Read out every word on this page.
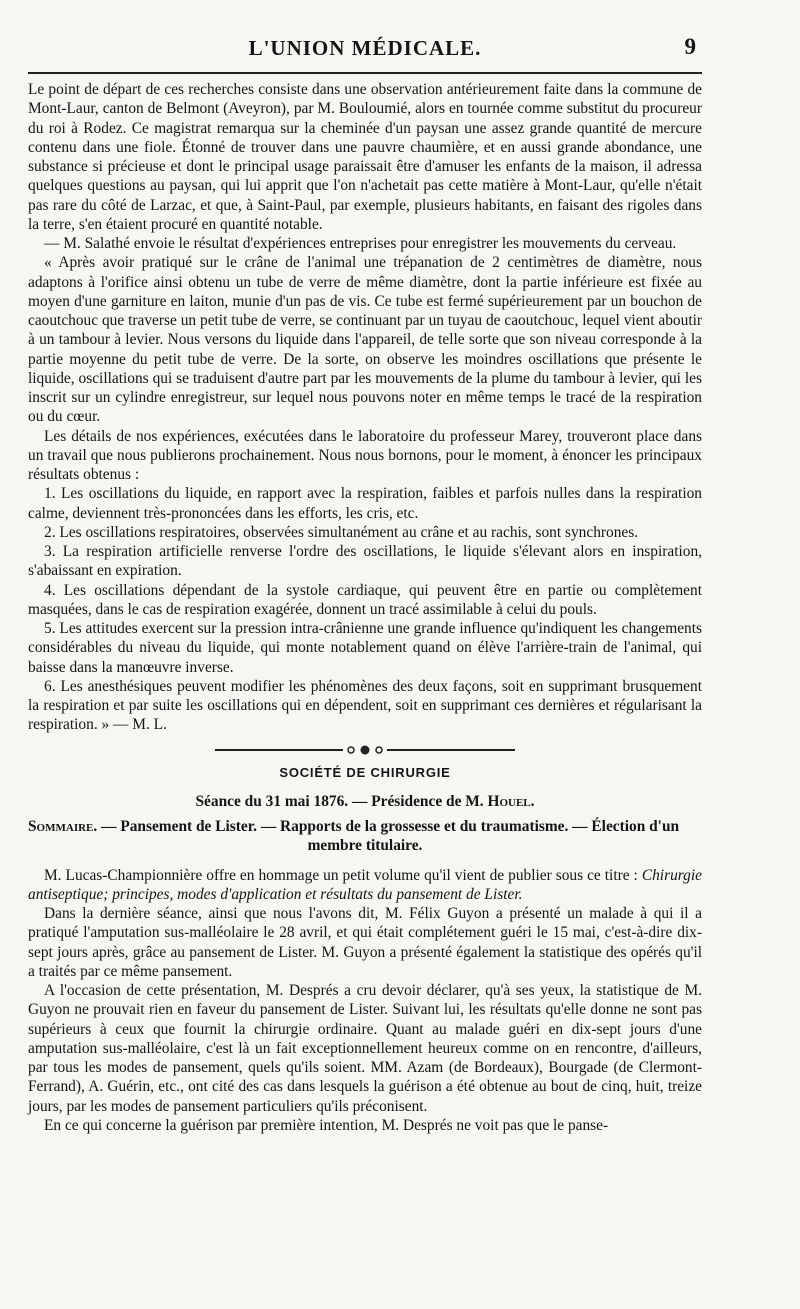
L'UNION MÉDICALE.	9

Le point de départ de ces recherches consiste dans une observation antérieurement faite dans la commune de Mont-Laur, canton de Belmont (Aveyron), par M. Bouloumié, alors en tournée comme substitut du procureur du roi à Rodez. Ce magistrat remarqua sur la cheminée d'un paysan une assez grande quantité de mercure contenu dans une fiole. Étonné de trouver dans une pauvre chaumière, et en aussi grande abondance, une substance si précieuse et dont le principal usage paraissait être d'amuser les enfants de la maison, il adressa quelques questions au paysan, qui lui apprit que l'on n'achetait pas cette matière à Mont-Laur, qu'elle n'était pas rare du côté de Larzac, et que, à Saint-Paul, par exemple, plusieurs habitants, en faisant des rigoles dans la terre, s'en étaient procuré en quantité notable.

— M. Salathé envoie le résultat d'expériences entreprises pour enregistrer les mouvements du cerveau.

« Après avoir pratiqué sur le crâne de l'animal une trépanation de 2 centimètres de diamètre, nous adaptons à l'orifice ainsi obtenu un tube de verre de même diamètre, dont la partie inférieure est fixée au moyen d'une garniture en laiton, munie d'un pas de vis. Ce tube est fermé supérieurement par un bouchon de caoutchouc que traverse un petit tube de verre, se continuant par un tuyau de caoutchouc, lequel vient aboutir à un tambour à levier. Nous versons du liquide dans l'appareil, de telle sorte que son niveau corresponde à la partie moyenne du petit tube de verre. De la sorte, on observe les moindres oscillations que présente le liquide, oscillations qui se traduisent d'autre part par les mouvements de la plume du tambour à levier, qui les inscrit sur un cylindre enregistreur, sur lequel nous pouvons noter en même temps le tracé de la respiration ou du cœur.

Les détails de nos expériences, exécutées dans le laboratoire du professeur Marey, trouveront place dans un travail que nous publierons prochainement. Nous nous bornons, pour le moment, à énoncer les principaux résultats obtenus :

1. Les oscillations du liquide, en rapport avec la respiration, faibles et parfois nulles dans la respiration calme, deviennent très-prononcées dans les efforts, les cris, etc.

2. Les oscillations respiratoires, observées simultanément au crâne et au rachis, sont synchrones.

3. La respiration artificielle renverse l'ordre des oscillations, le liquide s'élevant alors en inspiration, s'abaissant en expiration.

4. Les oscillations dépendant de la systole cardiaque, qui peuvent être en partie ou complètement masquées, dans le cas de respiration exagérée, donnent un tracé assimilable à celui du pouls.

5. Les attitudes exercent sur la pression intra-crânienne une grande influence qu'indiquent les changements considérables du niveau du liquide, qui monte notablement quand on élève l'arrière-train de l'animal, qui baisse dans la manœuvre inverse.

6. Les anesthésiques peuvent modifier les phénomènes des deux façons, soit en supprimant brusquement la respiration et par suite les oscillations qui en dépendent, soit en supprimant ces dernières et régularisant la respiration. » — M. L.

SOCIÉTÉ DE CHIRURGIE
Séance du 31 mai 1876. — Présidence de M. Houel.
Sommaire. — Pansement de Lister. — Rapports de la grossesse et du traumatisme. — Élection d'un
membre titulaire.

M. Lucas-Championnière offre en hommage un petit volume qu'il vient de publier sous ce titre : Chirurgie antiseptique; principes, modes d'application et résultats du pansement de Lister.

Dans la dernière séance, ainsi que nous l'avons dit, M. Félix Guyon a présenté un malade à qui il a pratiqué l'amputation sus-malléolaire le 28 avril, et qui était complétement guéri le 15 mai, c'est-à-dire dix-sept jours après, grâce au pansement de Lister. M. Guyon a présenté également la statistique des opérés qu'il a traités par ce même pansement.

A l'occasion de cette présentation, M. Després a cru devoir déclarer, qu'à ses yeux, la statistique de M. Guyon ne prouvait rien en faveur du pansement de Lister. Suivant lui, les résultats qu'elle donne ne sont pas supérieurs à ceux que fournit la chirurgie ordinaire. Quant au malade guéri en dix-sept jours d'une amputation sus-malléolaire, c'est là un fait exceptionnellement heureux comme on en rencontre, d'ailleurs, par tous les modes de pansement, quels qu'ils soient. MM. Azam (de Bordeaux), Bourgade (de Clermont-Ferrand), A. Guérin, etc., ont cité des cas dans lesquels la guérison a été obtenue au bout de cinq, huit, treize jours, par les modes de pansement particuliers qu'ils préconisent.

En ce qui concerne la guérison par première intention, M. Després ne voit pas que le panse-
